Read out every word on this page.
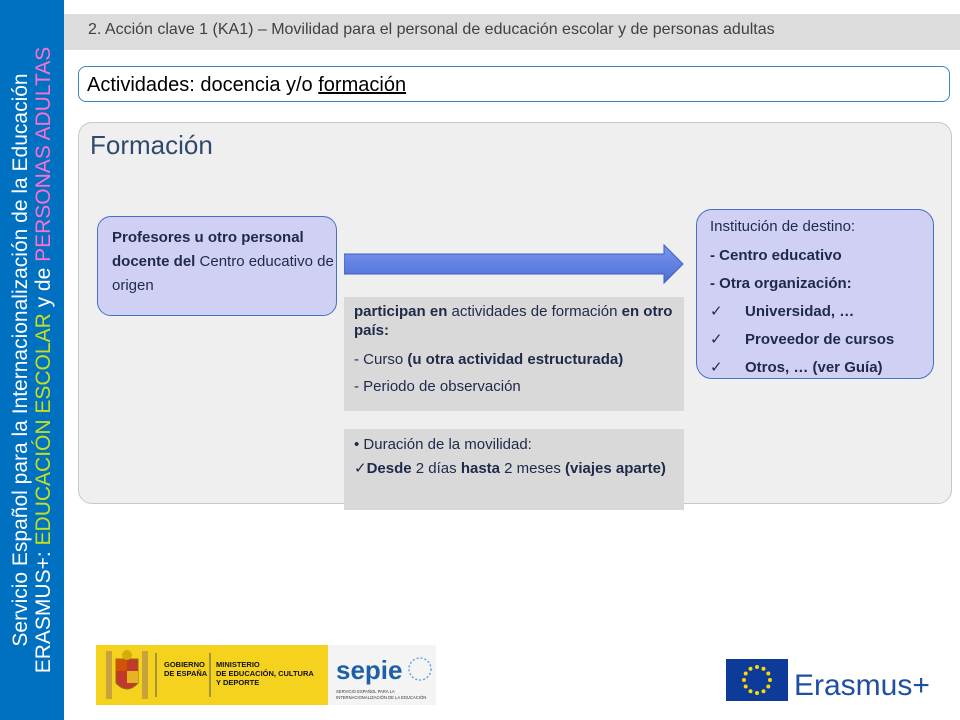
Servicio Español para la Internacionalización de la Educación ERASMUS+: EDUCACIÓN ESCOLAR y de PERSONAS ADULTAS
2. Acción clave 1 (KA1) – Movilidad para el personal de educación escolar y de personas adultas
Actividades: docencia y/o formación
Formación
Profesores u otro personal docente del Centro educativo de origen
Institución de destino:
- Centro educativo
- Otra organización:
✓ Universidad, …
✓ Proveedor de cursos
✓ Otros, … (ver Guía)

participan en actividades de formación en otro país:

- Curso (u otra actividad estructurada)

- Periodo de observación

• Duración de la movilidad:

✓Desde 2 días hasta 2 meses (viajes aparte)

GOBIERNO
DE ESPAÑA
MINISTERIO
DE EDUCACIÓN, CULTURA
Y DEPORTE	sepie
SERVICIO ESPAÑOL PARA LA
INTERNACIONALIZACIÓN DE LA EDUCACIÓN	Erasmus+
